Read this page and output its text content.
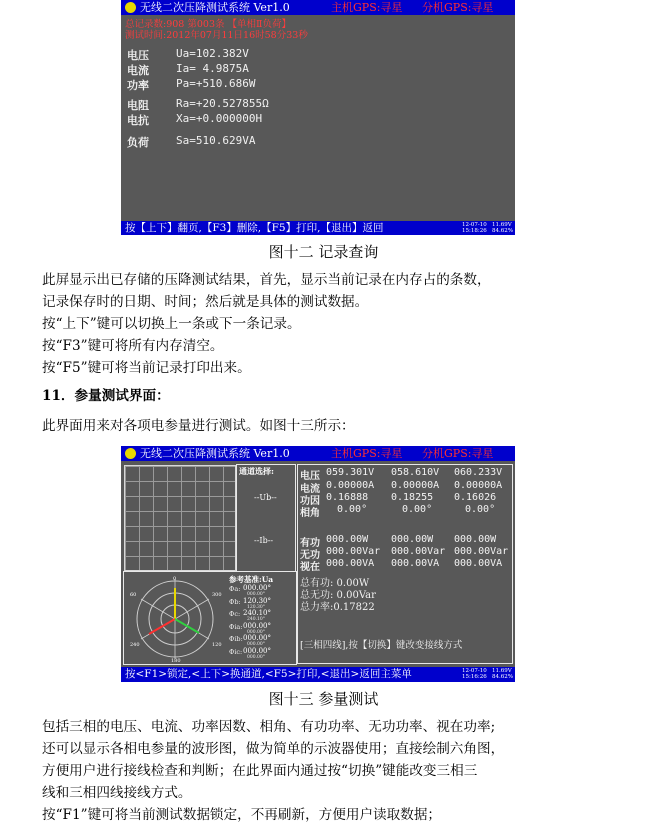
无线二次压降测试系统 Ver1.0	主机GPS:寻星 分机GPS:寻星
总记录数:908 第003条 【单相Ⅱ负荷】
测试时间:2012年07月11日16时58分33秒
电压 Ua=102.382V
电流 Ia= 4.9875A
功率 Pa=+510.686W
电阻 Ra=+20.527855Ω
电抗 Xa=+0.000000H
负荷 Sa=510.629VA
按【上下】翻页,【F3】删除,【F5】打印,【退出】返回	12-07-10
15:18:26
11.69V
84.62%
图十二 记录查询
此屏显示出已存储的压降测试结果，首先，显示当前记录在内存占的条数，
记录保存时的日期、时间；然后就是具体的测试数据。
按“上下”键可以切换上一条或下一条记录。
按“F3”键可将所有内存清空。
按“F5”键可将当前记录打印出来。
11．参量测试界面：
此界面用来对各项电参量进行测试。如图十三所示：
无线二次压降测试系统 Ver1.0	主机GPS:寻星 分机GPS:寻星
通道选择:
--Ub--
--Ib--
0
60	300
240	120
180
参考基准:Ua
Φa: 000.00°
000.00°
Φb: 120.30°
120.30°
Φc: 240.10°
240.10°
Φia: 000.00°
000.00°
Φib: 000.00°
000.00°
Φic: 000.00°
000.00°
电压 059.301V 058.610V 060.233V
电流 0.00000A 0.00000A 0.00000A
功因 0.16888 0.18255 0.16026
相角 0.00°	0.00°	0.00°
有功 000.00W 000.00W 000.00W
无功 000.00Var 000.00Var 000.00Var
视在 000.00VA 000.00VA 000.00VA
总有功: 0.00W
总无功: 0.00Var
总力率:0.17822
[三相四线],按【切换】键改变接线方式
按<F1>锁定,<上下>换通道,<F5>打印,<退出>返回主菜单	12-07-10
15:16:26
11.69V
84.62%
图十三 参量测试
包括三相的电压、电流、功率因数、相角、有功功率、无功功率、视在功率;
还可以显示各相电参量的波形图，做为简单的示波器使用；直接绘制六角图，
方便用户进行接线检查和判断；在此界面内通过按“切换”键能改变三相三
线和三相四线接线方式。
按“F1”键可将当前测试数据锁定，不再刷新，方便用户读取数据；
